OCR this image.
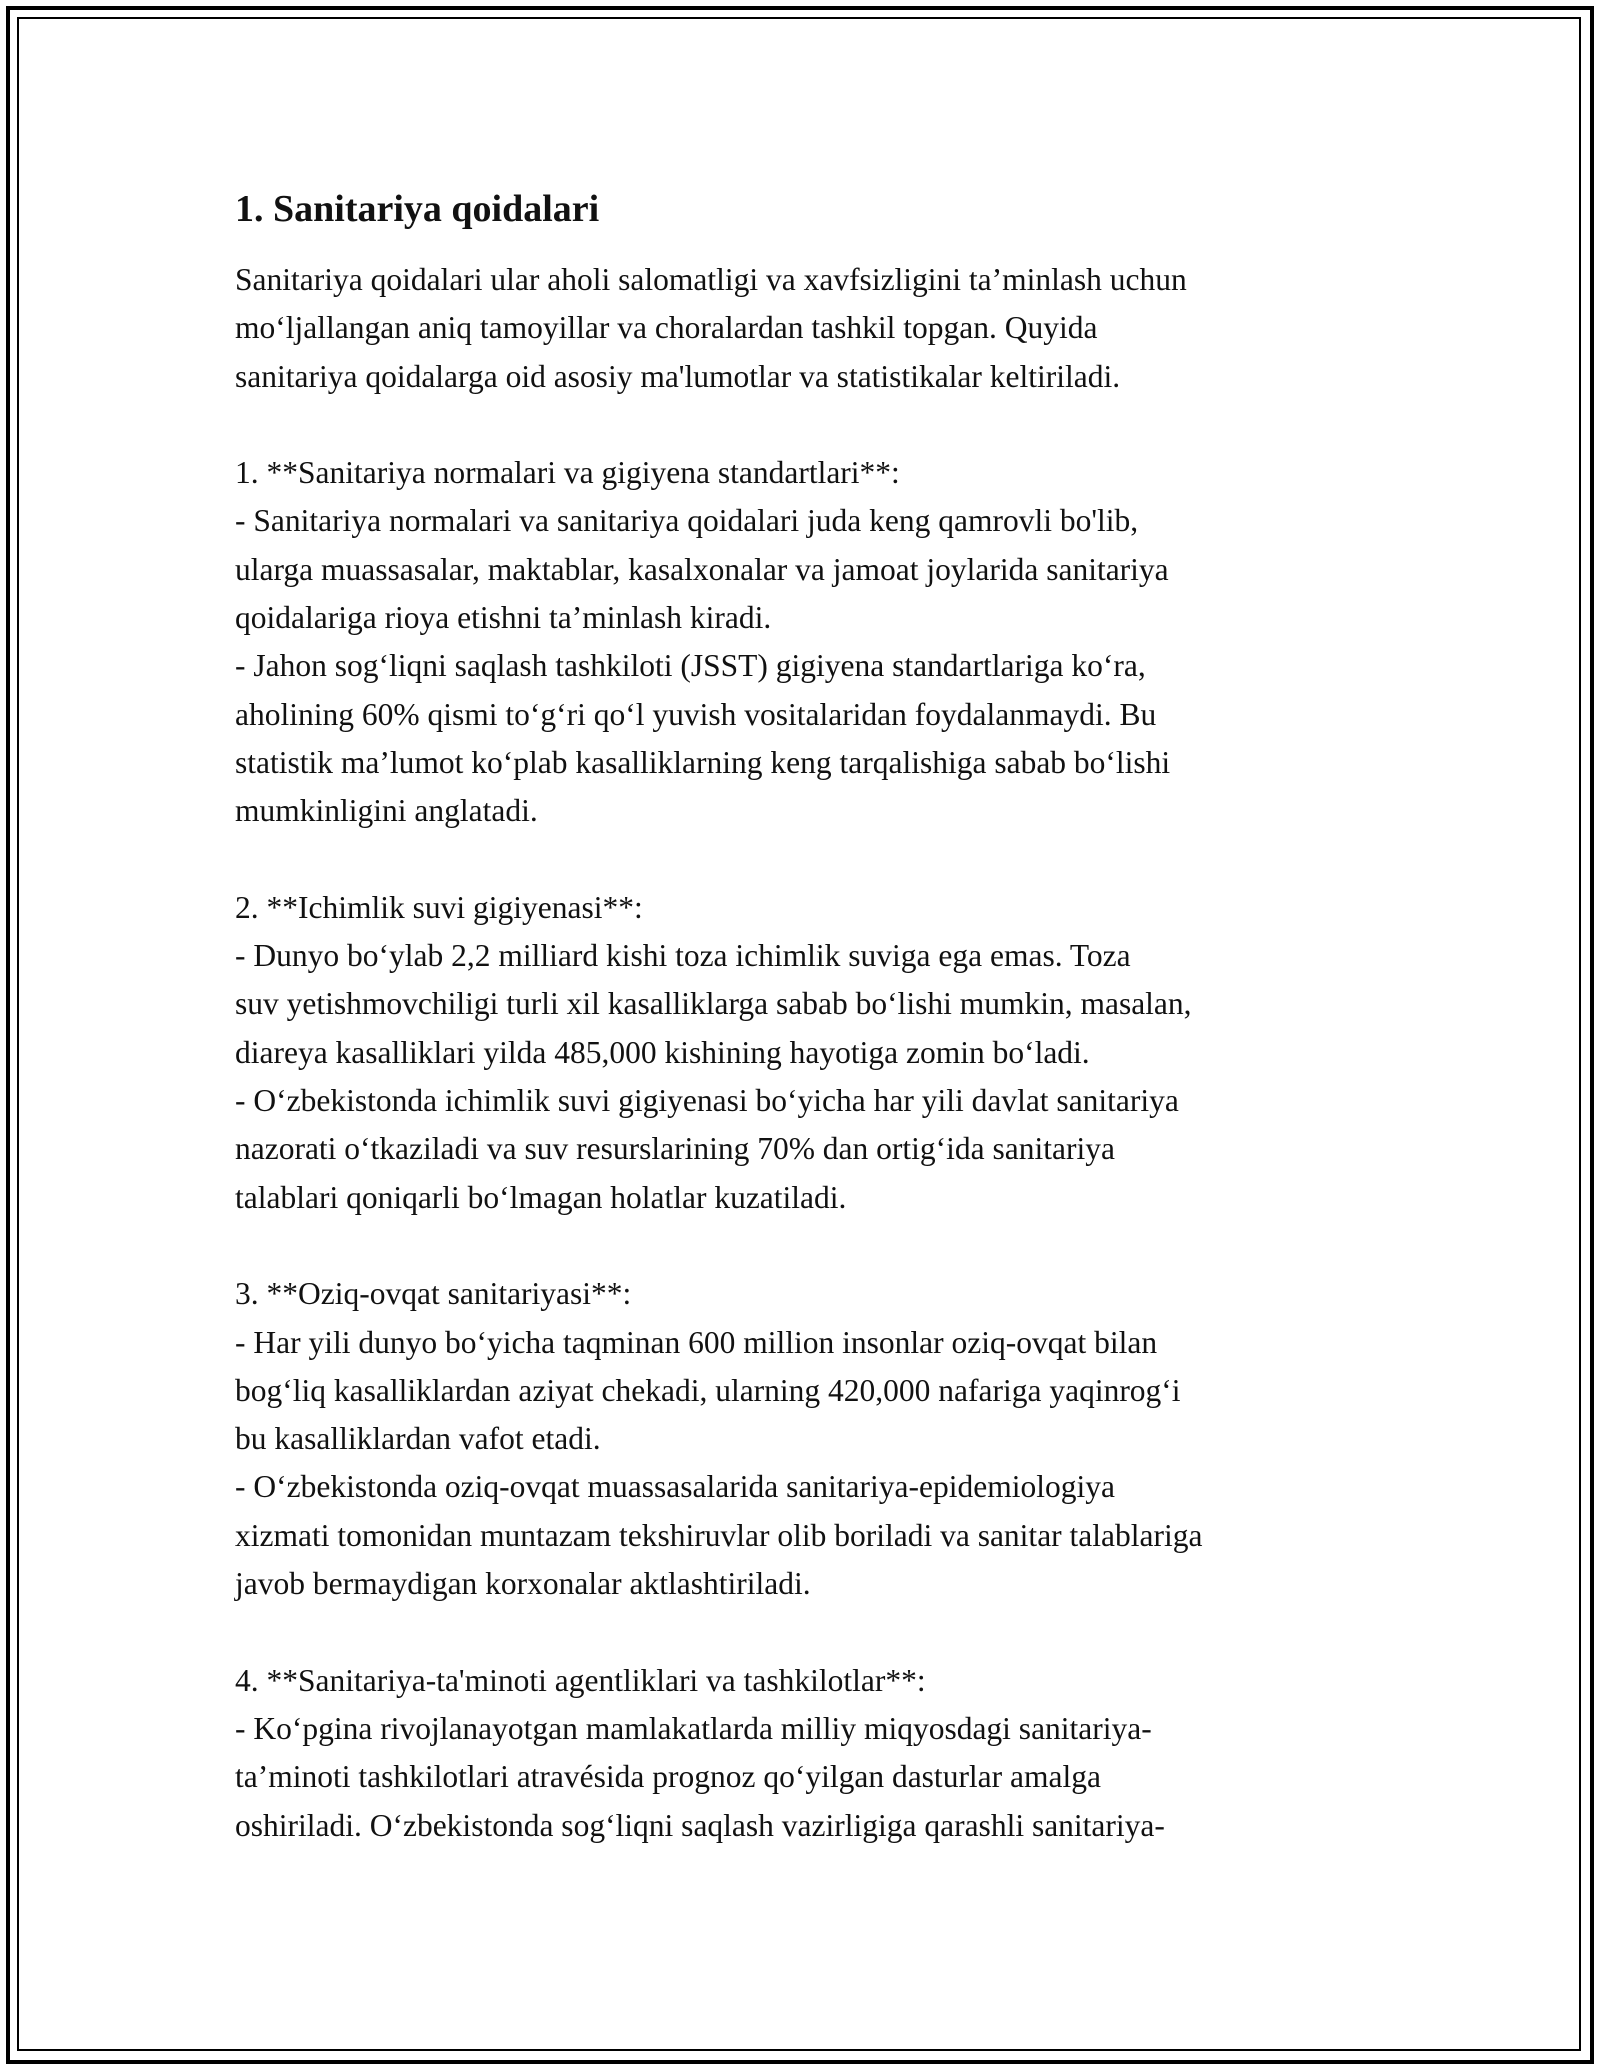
1. Sanitariya qoidalari

Sanitariya qoidalari ular aholi salomatligi va xavfsizligini ta’minlash uchun
mo‘ljallangan aniq tamoyillar va choralardan tashkil topgan. Quyida
sanitariya qoidalarga oid asosiy ma'lumotlar va statistikalar keltiriladi.

1. **Sanitariya normalari va gigiyena standartlari**:

- Sanitariya normalari va sanitariya qoidalari juda keng qamrovli bo'lib,
ularga muassasalar, maktablar, kasalxonalar va jamoat joylarida sanitariya
qoidalariga rioya etishni ta’minlash kiradi.

- Jahon sog‘liqni saqlash tashkiloti (JSST) gigiyena standartlariga ko‘ra,
aholining 60% qismi to‘g‘ri qo‘l yuvish vositalaridan foydalanmaydi. Bu
statistik ma’lumot ko‘plab kasalliklarning keng tarqalishiga sabab bo‘lishi
mumkinligini anglatadi.

2. **Ichimlik suvi gigiyenasi**:

- Dunyo bo‘ylab 2,2 milliard kishi toza ichimlik suviga ega emas. Toza
suv yetishmovchiligi turli xil kasalliklarga sabab bo‘lishi mumkin, masalan,
diareya kasalliklari yilda 485,000 kishining hayotiga zomin bo‘ladi.

- O‘zbekistonda ichimlik suvi gigiyenasi bo‘yicha har yili davlat sanitariya
nazorati o‘tkaziladi va suv resurslarining 70% dan ortig‘ida sanitariya
talablari qoniqarli bo‘lmagan holatlar kuzatiladi.

3. **Oziq-ovqat sanitariyasi**:

- Har yili dunyo bo‘yicha taqminan 600 million insonlar oziq-ovqat bilan
bog‘liq kasalliklardan aziyat chekadi, ularning 420,000 nafariga yaqinrog‘i
bu kasalliklardan vafot etadi.

- O‘zbekistonda oziq-ovqat muassasalarida sanitariya-epidemiologiya
xizmati tomonidan muntazam tekshiruvlar olib boriladi va sanitar talablariga
javob bermaydigan korxonalar aktlashtiriladi.

4. **Sanitariya-ta'minoti agentliklari va tashkilotlar**:

- Ko‘pgina rivojlanayotgan mamlakatlarda milliy miqyosdagi sanitariya-
ta’minoti tashkilotlari atravésida prognoz qo‘yilgan dasturlar amalga
oshiriladi. O‘zbekistonda sog‘liqni saqlash vazirligiga qarashli sanitariya-
